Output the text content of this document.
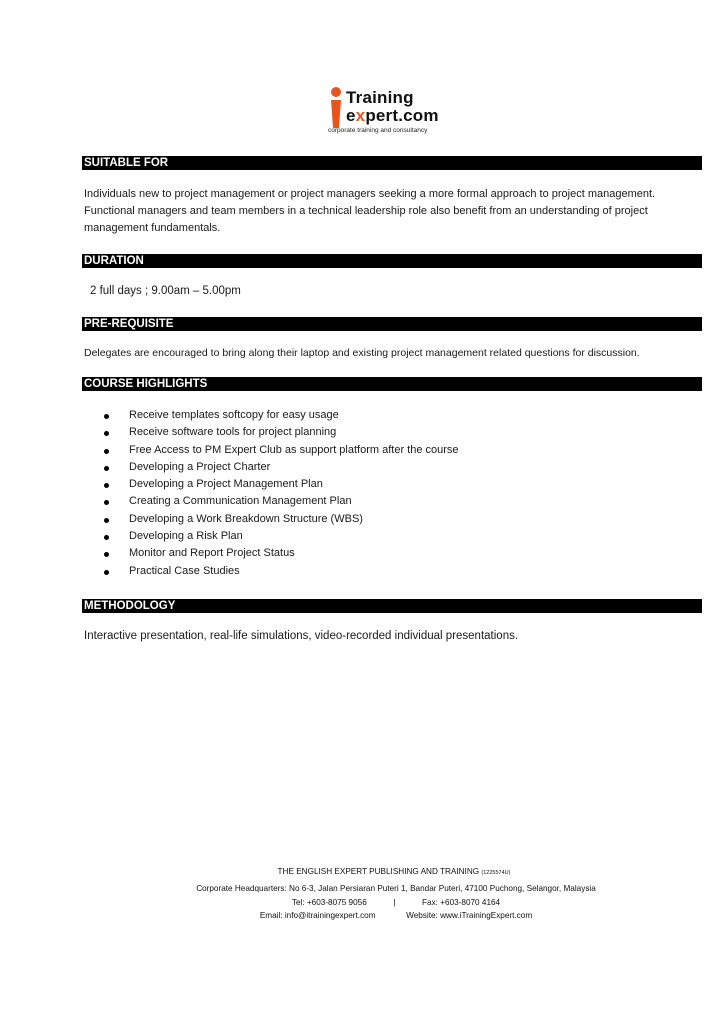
Training
expert.com
corporate training and consultancy
SUITABLE FOR
Individuals new to project management or project managers seeking a more formal approach to project management. Functional managers and team members in a technical leadership role also benefit from an understanding of project management fundamentals.
DURATION
2 full days ; 9.00am – 5.00pm
PRE-REQUISITE
Delegates are encouraged to bring along their laptop and existing project management related questions for discussion.
COURSE HIGHLIGHTS
Receive templates softcopy for easy usage
Receive software tools for project planning
Free Access to PM Expert Club as support platform after the course
Developing a Project Charter
Developing a Project Management Plan
Creating a Communication Management Plan
Developing a Work Breakdown Structure (WBS)
Developing a Risk Plan
Monitor and Report Project Status
Practical Case Studies
METHODOLOGY
Interactive presentation, real-life simulations, video-recorded individual presentations.
THE ENGLISH EXPERT PUBLISHING AND TRAINING (1225574U)
Corporate Headquarters: No 6-3, Jalan Persiaran Puteri 1, Bandar Puteri, 47100 Puchong, Selangor, Malaysia
Tel: +603-8075 9056	|	Fax: +603-8070 4164
Email: info@itrainingexpert.com	Website: www.iTrainingExpert.com
